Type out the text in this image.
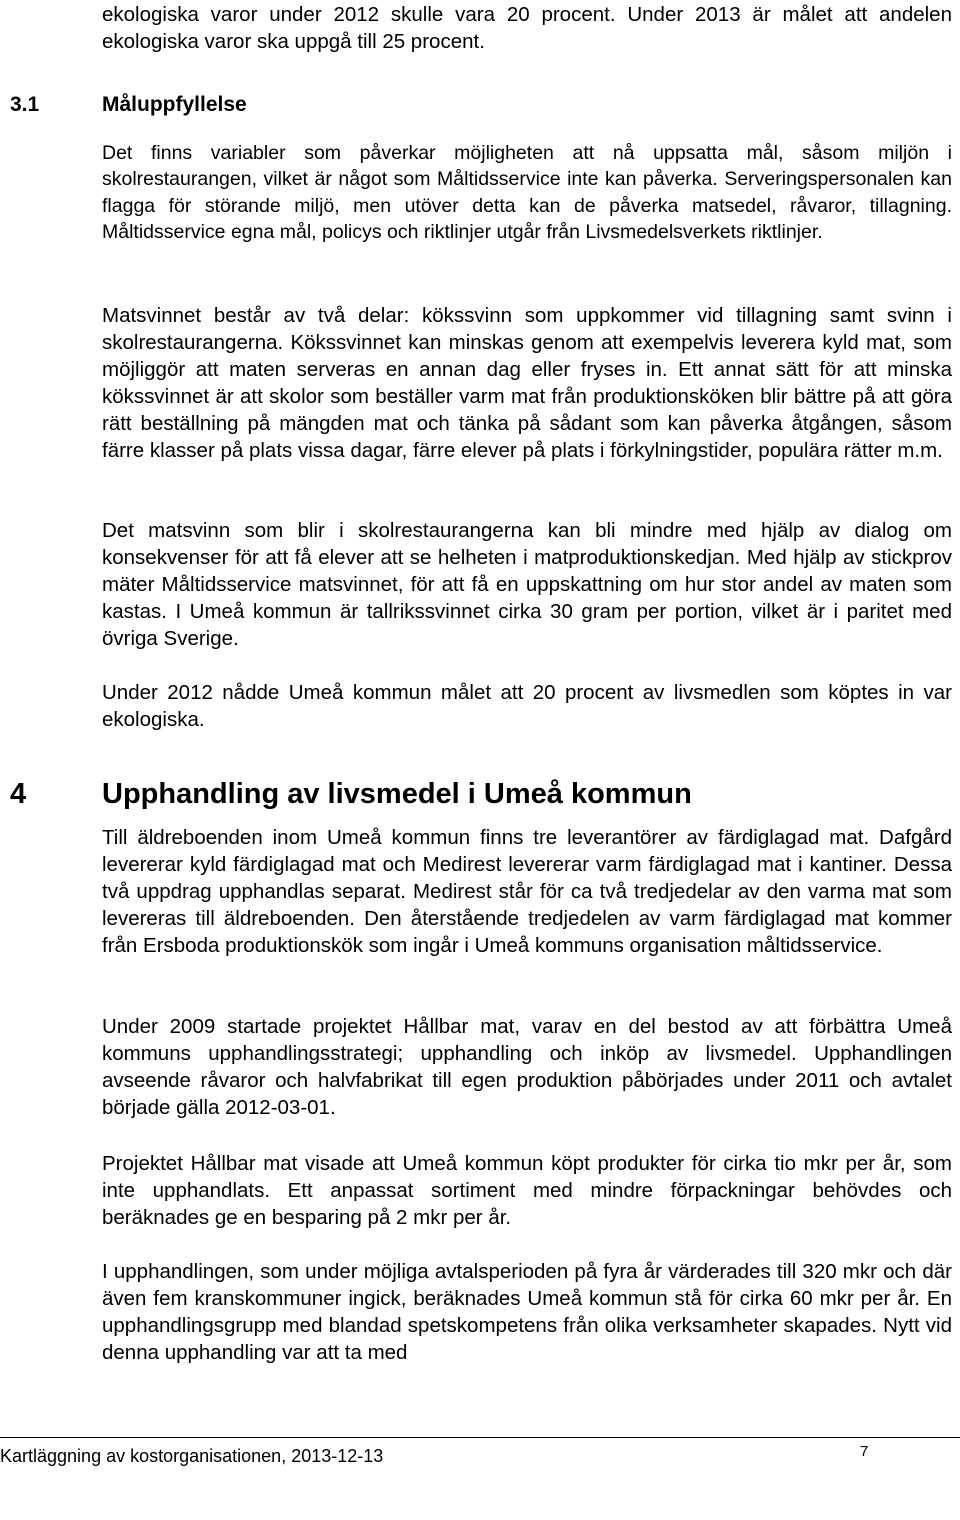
ekologiska varor under 2012 skulle vara 20 procent. Under 2013 är målet att andelen ekologiska varor ska uppgå till 25 procent.

3.1	Måluppfyllelse

Det finns variabler som påverkar möjligheten att nå uppsatta mål, såsom miljön i skolrestaurangen, vilket är något som Måltidsservice inte kan påverka. Serveringspersonalen kan flagga för störande miljö, men utöver detta kan de påverka matsedel, råvaror, tillagning. Måltidsservice egna mål, policys och riktlinjer utgår från Livsmedelsverkets riktlinjer.

Matsvinnet består av två delar: kökssvinn som uppkommer vid tillagning samt svinn i skolrestaurangerna. Kökssvinnet kan minskas genom att exempelvis leverera kyld mat, som möjliggör att maten serveras en annan dag eller fryses in. Ett annat sätt för att minska kökssvinnet är att skolor som beställer varm mat från produktionsköken blir bättre på att göra rätt beställning på mängden mat och tänka på sådant som kan påverka åtgången, såsom färre klasser på plats vissa dagar, färre elever på plats i förkylningstider, populära rätter m.m.

Det matsvinn som blir i skolrestaurangerna kan bli mindre med hjälp av dialog om konsekvenser för att få elever att se helheten i matproduktionskedjan. Med hjälp av stickprov mäter Måltidsservice matsvinnet, för att få en uppskattning om hur stor andel av maten som kastas. I Umeå kommun är tallrikssvinnet cirka 30 gram per portion, vilket är i paritet med övriga Sverige.

Under 2012 nådde Umeå kommun målet att 20 procent av livsmedlen som köptes in var ekologiska.

4	Upphandling av livsmedel i Umeå kommun

Till äldreboenden inom Umeå kommun finns tre leverantörer av färdiglagad mat. Dafgård levererar kyld färdiglagad mat och Medirest levererar varm färdiglagad mat i kantiner. Dessa två uppdrag upphandlas separat. Medirest står för ca två tredjedelar av den varma mat som levereras till äldreboenden. Den återstående tredjedelen av varm färdiglagad mat kommer från Ersboda produktionskök som ingår i Umeå kommuns organisation måltidsservice.

Under 2009 startade projektet Hållbar mat, varav en del bestod av att förbättra Umeå kommuns upphandlingsstrategi; upphandling och inköp av livsmedel. Upphandlingen avseende råvaror och halvfabrikat till egen produktion påbörjades under 2011 och avtalet började gälla 2012-03-01.

Projektet Hållbar mat visade att Umeå kommun köpt produkter för cirka tio mkr per år, som inte upphandlats. Ett anpassat sortiment med mindre förpackningar behövdes och beräknades ge en besparing på 2 mkr per år.

I upphandlingen, som under möjliga avtalsperioden på fyra år värderades till 320 mkr och där även fem kranskommuner ingick, beräknades Umeå kommun stå för cirka 60 mkr per år. En upphandlingsgrupp med blandad spetskompetens från olika verksamheter skapades. Nytt vid denna upphandling var att ta med

Kartläggning av kostorganisationen, 2013-12-13	7
